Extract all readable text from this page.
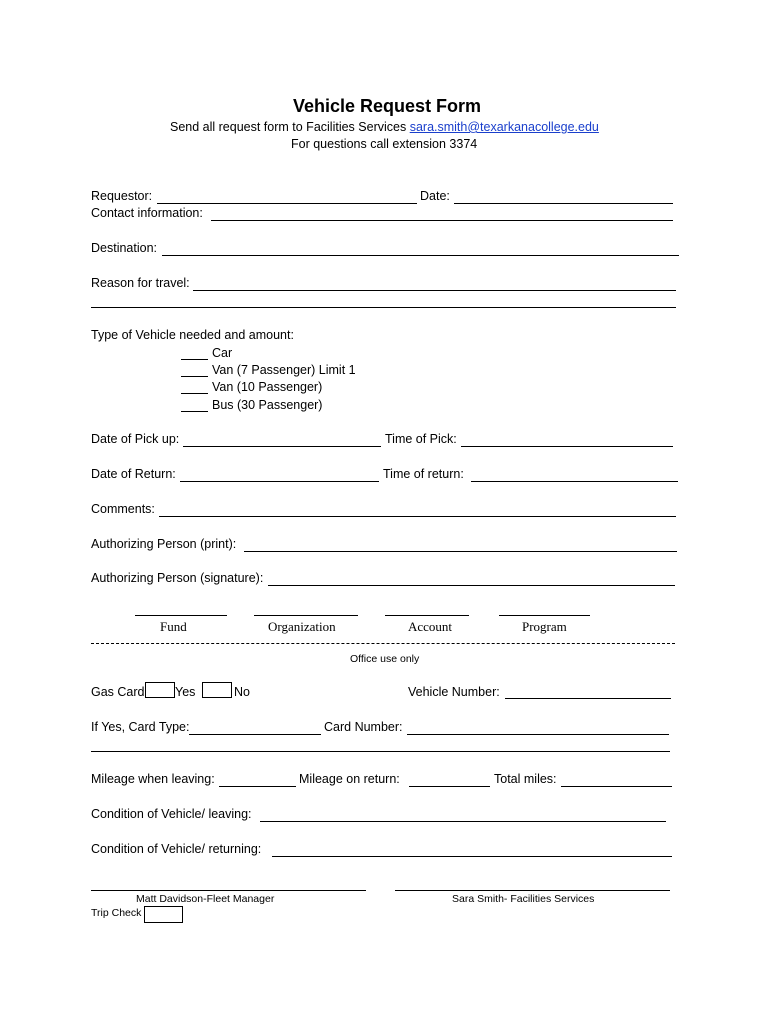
Vehicle Request Form
Send all request form to Facilities Services sara.smith@texarkanacollege.edu
For questions call extension 3374
Requestor:	Date:
Contact information:
Destination:
Reason for travel:
Type of Vehicle needed and amount:
Car
Van (7 Passenger) Limit 1
Van (10 Passenger)
Bus (30 Passenger)
Date of Pick up:	Time of Pick:
Date of Return:	Time of return:
Comments:
Authorizing Person (print):
Authorizing Person (signature):
Fund	Organization	Account	Program
Office use only
Gas Card Yes	No	Vehicle Number:
If Yes, Card Type:	Card Number:
Mileage when leaving:	Mileage on return:	Total miles:
Condition of Vehicle/ leaving:
Condition of Vehicle/ returning:
Matt Davidson-Fleet Manager	Sara Smith- Facilities Services
Trip Check
